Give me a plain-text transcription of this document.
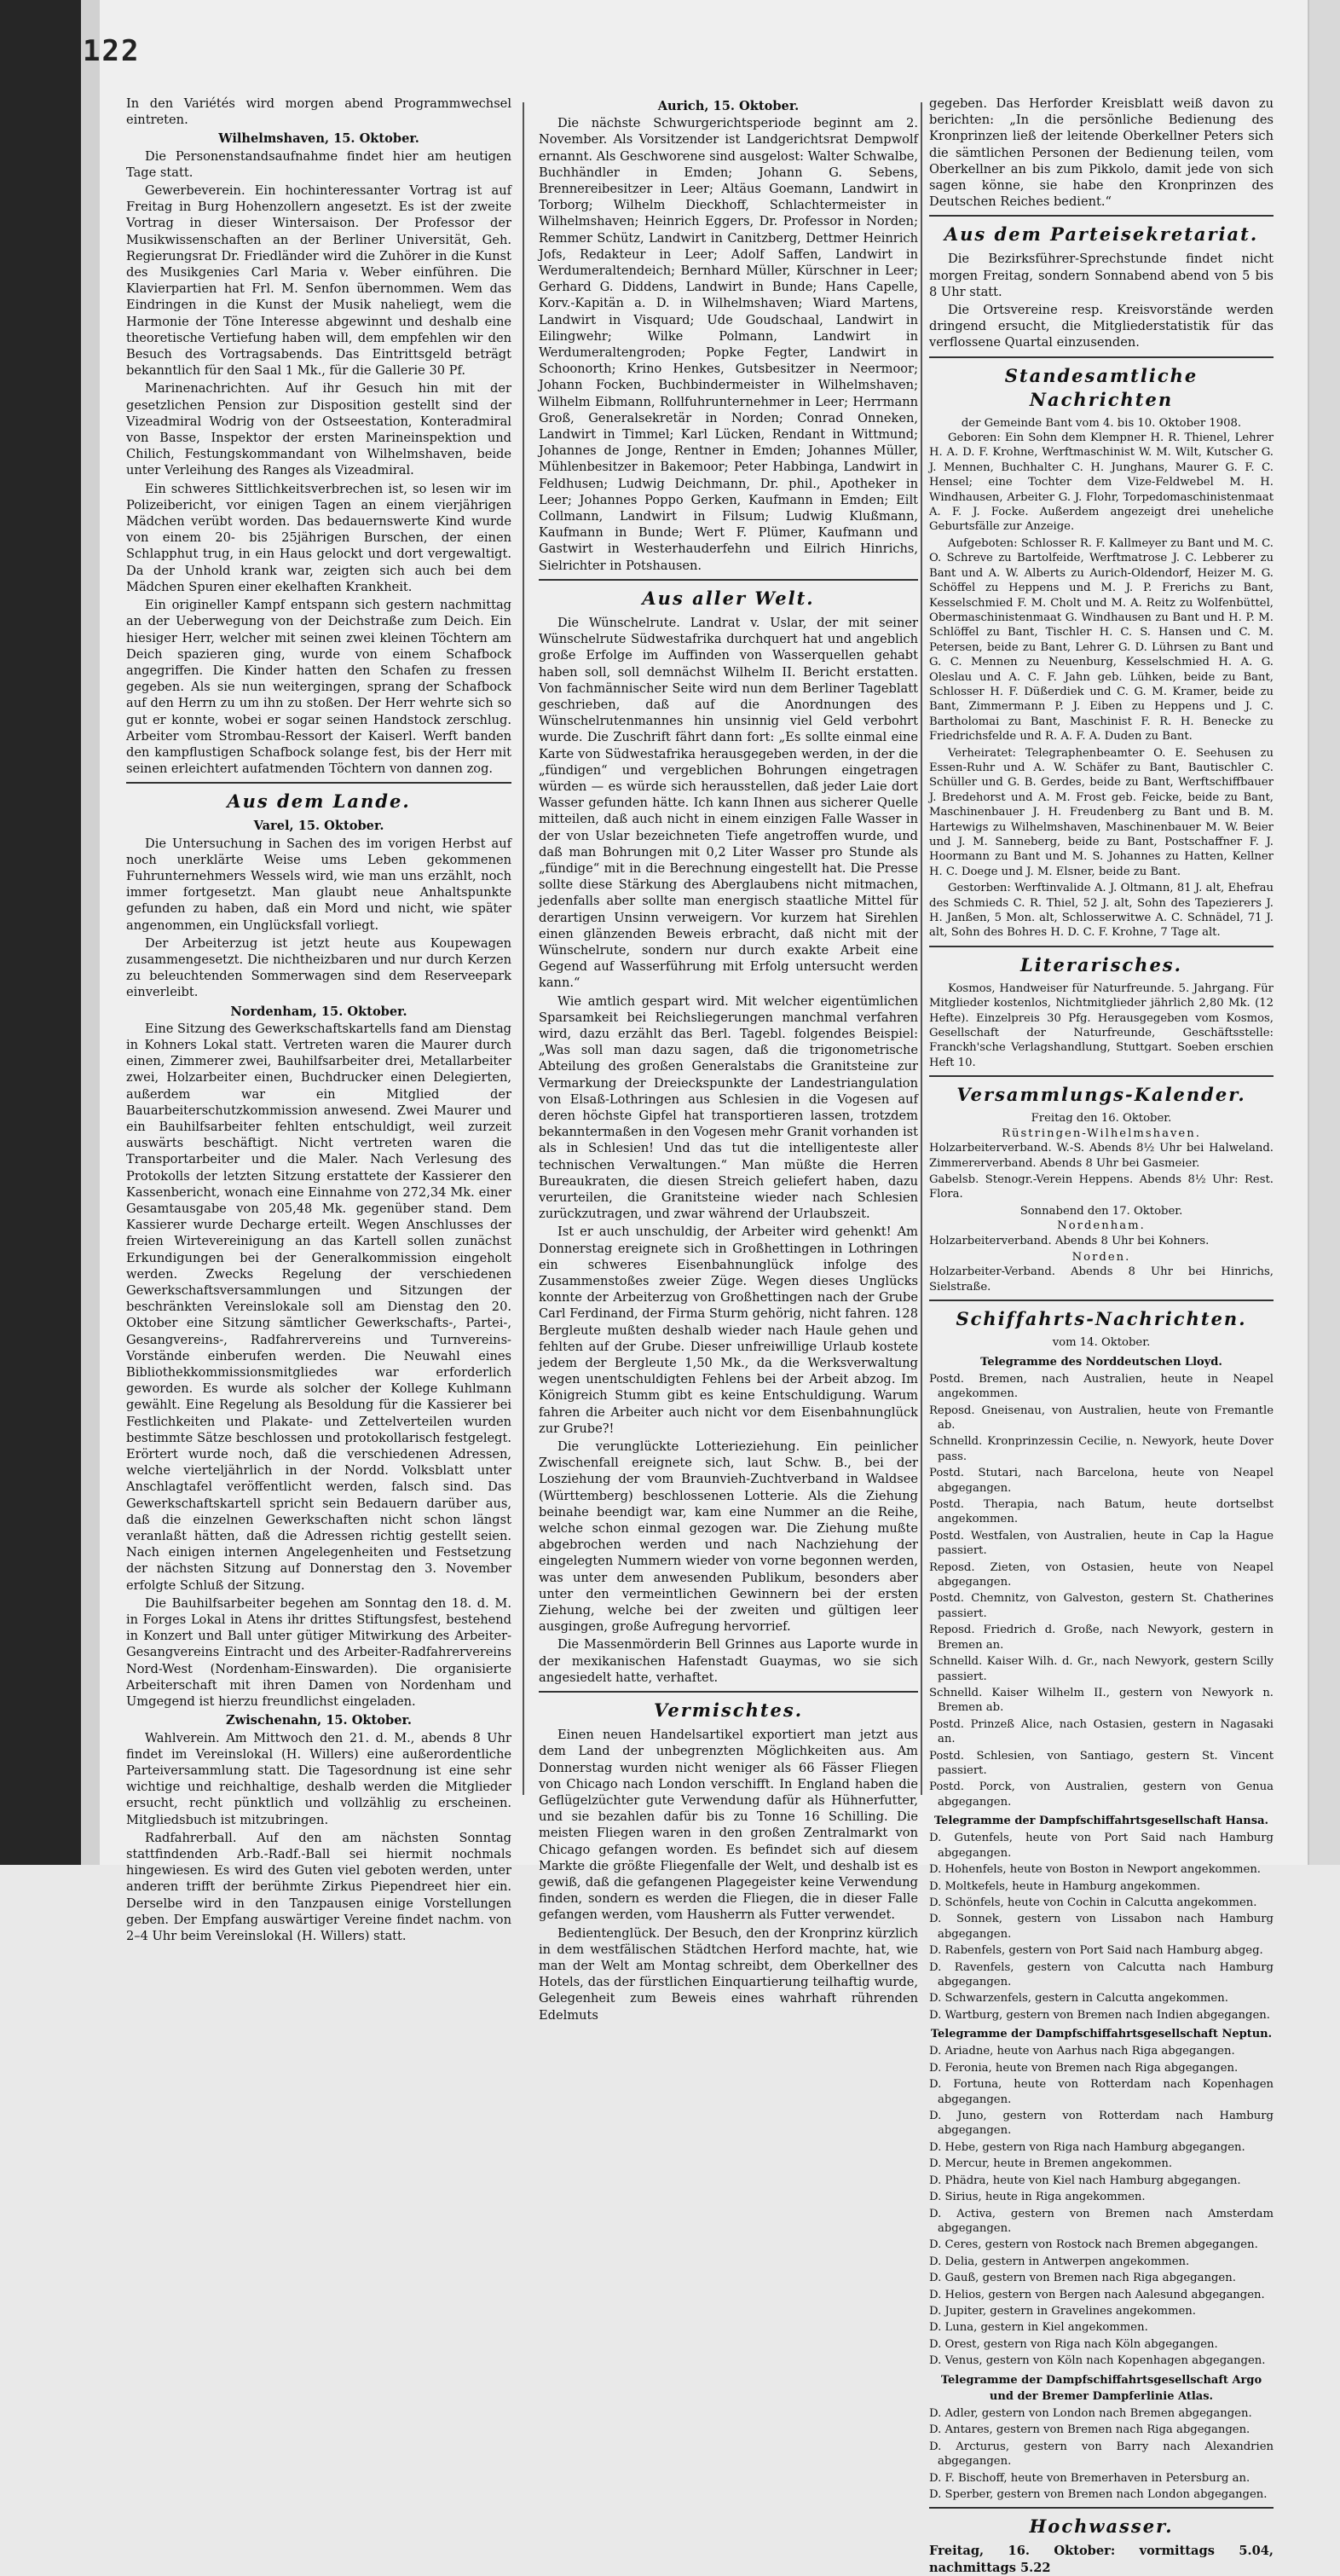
122

In den Variétés wird morgen abend Programmwechsel eintreten.

Wilhelmshaven, 15. Oktober.

Die Personenstandsaufnahme findet hier am heutigen Tage statt.

Gewerbeverein. Ein hochinteressanter Vortrag ist auf Freitag in Burg Hohenzollern angesetzt. Es ist der zweite Vortrag in dieser Wintersaison. Der Professor der Musikwissenschaften an der Berliner Universität, Geh. Regierungsrat Dr. Friedländer wird die Zuhörer in die Kunst des Musikgenies Carl Maria v. Weber einführen. Die Klavierpartien hat Frl. M. Senfon übernommen. Wem das Eindringen in die Kunst der Musik naheliegt, wem die Harmonie der Töne Interesse abgewinnt und deshalb eine theoretische Vertiefung haben will, dem empfehlen wir den Besuch des Vortragsabends. Das Eintrittsgeld beträgt bekanntlich für den Saal 1 Mk., für die Gallerie 30 Pf.

Marinenachrichten. Auf ihr Gesuch hin mit der gesetzlichen Pension zur Disposition gestellt sind der Vizeadmiral Wodrig von der Ostseestation, Konteradmiral von Basse, Inspektor der ersten Marineinspektion und Chilich, Festungskommandant von Wilhelmshaven, beide unter Verleihung des Ranges als Vizeadmiral.

Ein schweres Sittlichkeitsverbrechen ist, so lesen wir im Polizeibericht, vor einigen Tagen an einem vierjährigen Mädchen verübt worden. Das bedauernswerte Kind wurde von einem 20- bis 25jährigen Burschen, der einen Schlapphut trug, in ein Haus gelockt und dort vergewaltigt. Da der Unhold krank war, zeigten sich auch bei dem Mädchen Spuren einer ekelhaften Krankheit.

Ein origineller Kampf entspann sich gestern nachmittag an der Ueberwegung von der Deichstraße zum Deich. Ein hiesiger Herr, welcher mit seinen zwei kleinen Töchtern am Deich spazieren ging, wurde von einem Schafbock angegriffen. Die Kinder hatten den Schafen zu fressen gegeben. Als sie nun weitergingen, sprang der Schafbock auf den Herrn zu um ihn zu stoßen. Der Herr wehrte sich so gut er konnte, wobei er sogar seinen Handstock zerschlug. Arbeiter vom Strombau-Ressort der Kaiserl. Werft banden den kampflustigen Schafbock solange fest, bis der Herr mit seinen erleichtert aufatmenden Töchtern von dannen zog.

Aus dem Lande.
Varel, 15. Oktober.

Die Untersuchung in Sachen des im vorigen Herbst auf noch unerklärte Weise ums Leben gekommenen Fuhrunternehmers Wessels wird, wie man uns erzählt, noch immer fortgesetzt. Man glaubt neue Anhaltspunkte gefunden zu haben, daß ein Mord und nicht, wie später angenommen, ein Unglücksfall vorliegt.

Der Arbeiterzug ist jetzt heute aus Koupewagen zusammengesetzt. Die nichtheizbaren und nur durch Kerzen zu beleuchtenden Sommerwagen sind dem Reserveepark einverleibt.

Nordenham, 15. Oktober.

Eine Sitzung des Gewerkschaftskartells fand am Dienstag in Kohners Lokal statt. Vertreten waren die Maurer durch einen, Zimmerer zwei, Bauhilfsarbeiter drei, Metallarbeiter zwei, Holzarbeiter einen, Buchdrucker einen Delegierten, außerdem war ein Mitglied der Bauarbeiterschutzkommission anwesend. Zwei Maurer und ein Bauhilfsarbeiter fehlten entschuldigt, weil zurzeit auswärts beschäftigt. Nicht vertreten waren die Transportarbeiter und die Maler. Nach Verlesung des Protokolls der letzten Sitzung erstattete der Kassierer den Kassenbericht, wonach eine Einnahme von 272,34 Mk. einer Gesamtausgabe von 205,48 Mk. gegenüber stand. Dem Kassierer wurde Decharge erteilt. Wegen Anschlusses der freien Wirtevereinigung an das Kartell sollen zunächst Erkundigungen bei der Generalkommission eingeholt werden. Zwecks Regelung der verschiedenen Gewerkschaftsversammlungen und Sitzungen der beschränkten Vereinslokale soll am Dienstag den 20. Oktober eine Sitzung sämtlicher Gewerkschafts-, Partei-, Gesangvereins-, Radfahrervereins und Turnvereins-Vorstände einberufen werden. Die Neuwahl eines Bibliothekkommissionsmitgliedes war erforderlich geworden. Es wurde als solcher der Kollege Kuhlmann gewählt. Eine Regelung als Besoldung für die Kassierer bei Festlichkeiten und Plakate- und Zettelverteilen wurden bestimmte Sätze beschlossen und protokollarisch festgelegt. Erörtert wurde noch, daß die verschiedenen Adressen, welche vierteljährlich in der Nordd. Volksblatt unter Anschlagtafel veröffentlicht werden, falsch sind. Das Gewerkschaftskartell spricht sein Bedauern darüber aus, daß die einzelnen Gewerkschaften nicht schon längst veranlaßt hätten, daß die Adressen richtig gestellt seien. Nach einigen internen Angelegenheiten und Festsetzung der nächsten Sitzung auf Donnerstag den 3. November erfolgte Schluß der Sitzung.

Die Bauhilfsarbeiter begehen am Sonntag den 18. d. M. in Forges Lokal in Atens ihr drittes Stiftungsfest, bestehend in Konzert und Ball unter gütiger Mitwirkung des Arbeiter-Gesangvereins Eintracht und des Arbeiter-Radfahrervereins Nord-West (Nordenham-Einswarden). Die organisierte Arbeiterschaft mit ihren Damen von Nordenham und Umgegend ist hierzu freundlichst eingeladen.

Zwischenahn, 15. Oktober.

Wahlverein. Am Mittwoch den 21. d. M., abends 8 Uhr findet im Vereinslokal (H. Willers) eine außerordentliche Parteiversammlung statt. Die Tagesordnung ist eine sehr wichtige und reichhaltige, deshalb werden die Mitglieder ersucht, recht pünktlich und vollzählig zu erscheinen. Mitgliedsbuch ist mitzubringen.

Radfahrerball. Auf den am nächsten Sonntag stattfindenden Arb.-Radf.-Ball sei hiermit nochmals hingewiesen. Es wird des Guten viel geboten werden, unter anderen trifft der berühmte Zirkus Piependreet hier ein. Derselbe wird in den Tanzpausen einige Vorstellungen geben. Der Empfang auswärtiger Vereine findet nachm. von 2–4 Uhr beim Vereinslokal (H. Willers) statt.

Aurich, 15. Oktober.

Die nächste Schwurgerichtsperiode beginnt am 2. November. Als Vorsitzender ist Landgerichtsrat Dempwolf ernannt. Als Geschworene sind ausgelost: Walter Schwalbe, Buchhändler in Emden; Johann G. Sebens, Brennereibesitzer in Leer; Altäus Goemann, Landwirt in Torborg; Wilhelm Dieckhoff, Schlachtermeister in Wilhelmshaven; Heinrich Eggers, Dr. Professor in Norden; Remmer Schütz, Landwirt in Canitzberg, Dettmer Heinrich Jofs, Redakteur in Leer; Adolf Saffen, Landwirt in Werdumeraltendeich; Bernhard Müller, Kürschner in Leer; Gerhard G. Diddens, Landwirt in Bunde; Hans Capelle, Korv.-Kapitän a. D. in Wilhelmshaven; Wiard Martens, Landwirt in Visquard; Ude Goudschaal, Landwirt in Eilingwehr; Wilke Polmann, Landwirt in Werdumeraltengroden; Popke Fegter, Landwirt in Schoonorth; Krino Henkes, Gutsbesitzer in Neermoor; Johann Focken, Buchbindermeister in Wilhelmshaven; Wilhelm Eibmann, Rollfuhrunternehmer in Leer; Herrmann Groß, Generalsekretär in Norden; Conrad Onneken, Landwirt in Timmel; Karl Lücken, Rendant in Wittmund; Johannes de Jonge, Rentner in Emden; Johannes Müller, Mühlenbesitzer in Bakemoor; Peter Habbinga, Landwirt in Feldhusen; Ludwig Deichmann, Dr. phil., Apotheker in Leer; Johannes Poppo Gerken, Kaufmann in Emden; Eilt Collmann, Landwirt in Filsum; Ludwig Klußmann, Kaufmann in Bunde; Wert F. Plümer, Kaufmann und Gastwirt in Westerhauderfehn und Eilrich Hinrichs, Sielrichter in Potshausen.

Aus aller Welt.

Die Wünschelrute. Landrat v. Uslar, der mit seiner Wünschelrute Südwestafrika durchquert hat und angeblich große Erfolge im Auffinden von Wasserquellen gehabt haben soll, soll demnächst Wilhelm II. Bericht erstatten. Von fachmännischer Seite wird nun dem Berliner Tageblatt geschrieben, daß auf die Anordnungen des Wünschelrutenmannes hin unsinnig viel Geld verbohrt wurde. Die Zuschrift fährt dann fort: „Es sollte einmal eine Karte von Südwestafrika herausgegeben werden, in der die „fündigen“ und vergeblichen Bohrungen eingetragen würden — es würde sich herausstellen, daß jeder Laie dort Wasser gefunden hätte. Ich kann Ihnen aus sicherer Quelle mitteilen, daß auch nicht in einem einzigen Falle Wasser in der von Uslar bezeichneten Tiefe angetroffen wurde, und daß man Bohrungen mit 0,2 Liter Wasser pro Stunde als „fündige“ mit in die Berechnung eingestellt hat. Die Presse sollte diese Stärkung des Aberglaubens nicht mitmachen, jedenfalls aber sollte man energisch staatliche Mittel für derartigen Unsinn verweigern. Vor kurzem hat Sirehlen einen glänzenden Beweis erbracht, daß nicht mit der Wünschelrute, sondern nur durch exakte Arbeit eine Gegend auf Wasserführung mit Erfolg untersucht werden kann.“

Wie amtlich gespart wird. Mit welcher eigentümlichen Sparsamkeit bei Reichsliegerungen manchmal verfahren wird, dazu erzählt das Berl. Tagebl. folgendes Beispiel: „Was soll man dazu sagen, daß die trigonometrische Abteilung des großen Generalstabs die Granitsteine zur Vermarkung der Dreieckspunkte der Landestriangulation von Elsaß-Lothringen aus Schlesien in die Vogesen auf deren höchste Gipfel hat transportieren lassen, trotzdem bekanntermaßen in den Vogesen mehr Granit vorhanden ist als in Schlesien! Und das tut die intelligenteste aller technischen Verwaltungen.“ Man müßte die Herren Bureaukraten, die diesen Streich geliefert haben, dazu verurteilen, die Granitsteine wieder nach Schlesien zurückzutragen, und zwar während der Urlaubszeit.

Ist er auch unschuldig, der Arbeiter wird gehenkt! Am Donnerstag ereignete sich in Großhettingen in Lothringen ein schweres Eisenbahnunglück infolge des Zusammenstoßes zweier Züge. Wegen dieses Unglücks konnte der Arbeiterzug von Großhettingen nach der Grube Carl Ferdinand, der Firma Sturm gehörig, nicht fahren. 128 Bergleute mußten deshalb wieder nach Haule gehen und fehlten auf der Grube. Dieser unfreiwillige Urlaub kostete jedem der Bergleute 1,50 Mk., da die Werksverwaltung wegen unentschuldigten Fehlens bei der Arbeit abzog. Im Königreich Stumm gibt es keine Entschuldigung. Warum fahren die Arbeiter auch nicht vor dem Eisenbahnunglück zur Grube?!

Die verunglückte Lotterieziehung. Ein peinlicher Zwischenfall ereignete sich, laut Schw. B., bei der Losziehung der vom Braunvieh-Zuchtverband in Waldsee (Württemberg) beschlossenen Lotterie. Als die Ziehung beinahe beendigt war, kam eine Nummer an die Reihe, welche schon einmal gezogen war. Die Ziehung mußte abgebrochen werden und nach Nachziehung der eingelegten Nummern wieder von vorne begonnen werden, was unter dem anwesenden Publikum, besonders aber unter den vermeintlichen Gewinnern bei der ersten Ziehung, welche bei der zweiten und gültigen leer ausgingen, große Aufregung hervorrief.

Die Massenmörderin Bell Grinnes aus Laporte wurde in der mexikanischen Hafenstadt Guaymas, wo sie sich angesiedelt hatte, verhaftet.

Vermischtes.

Einen neuen Handelsartikel exportiert man jetzt aus dem Land der unbegrenzten Möglichkeiten aus. Am Donnerstag wurden nicht weniger als 66 Fässer Fliegen von Chicago nach London verschifft. In England haben die Geflügelzüchter gute Verwendung dafür als Hühnerfutter, und sie bezahlen dafür bis zu Tonne 16 Schilling. Die meisten Fliegen waren in den großen Zentralmarkt von Chicago gefangen worden. Es befindet sich auf diesem Markte die größte Fliegenfalle der Welt, und deshalb ist es gewiß, daß die gefangenen Plagegeister keine Verwendung finden, sondern es werden die Fliegen, die in dieser Falle gefangen werden, vom Hausherrn als Futter verwendet.

Bedientenglück. Der Besuch, den der Kronprinz kürzlich in dem westfälischen Städtchen Herford machte, hat, wie man der Welt am Montag schreibt, dem Oberkellner des Hotels, das der fürstlichen Einquartierung teilhaftig wurde, Gelegenheit zum Beweis eines wahrhaft rührenden Edelmuts

gegeben. Das Herforder Kreisblatt weiß davon zu berichten: „In die persönliche Bedienung des Kronprinzen ließ der leitende Oberkellner Peters sich die sämtlichen Personen der Bedienung teilen, vom Oberkellner an bis zum Pikkolo, damit jede von sich sagen könne, sie habe den Kronprinzen des Deutschen Reiches bedient.“

Aus dem Parteisekretariat.

Die Bezirksführer-Sprechstunde findet nicht morgen Freitag, sondern Sonnabend abend von 5 bis 8 Uhr statt.

Die Ortsvereine resp. Kreisvorstände werden dringend ersucht, die Mitgliederstatistik für das verflossene Quartal einzusenden.

Standesamtliche Nachrichten
der Gemeinde Bant vom 4. bis 10. Oktober 1908.

Geboren: Ein Sohn dem Klempner H. R. Thienel, Lehrer H. A. D. F. Krohne, Werftmaschinist W. M. Wilt, Kutscher G. J. Mennen, Buchhalter C. H. Junghans, Maurer G. F. C. Hensel; eine Tochter dem Vize-Feldwebel M. H. Windhausen, Arbeiter G. J. Flohr, Torpedomaschinistenmaat A. F. J. Focke. Außerdem angezeigt drei uneheliche Geburtsfälle zur Anzeige.

Aufgeboten: Schlosser R. F. Kallmeyer zu Bant und M. C. O. Schreve zu Bartolfeide, Werftmatrose J. C. Lebberer zu Bant und A. W. Alberts zu Aurich-Oldendorf, Heizer M. G. Schöffel zu Heppens und M. J. P. Frerichs zu Bant, Kesselschmied F. M. Cholt und M. A. Reitz zu Wolfenbüttel, Obermaschinistenmaat G. Windhausen zu Bant und H. P. M. Schlöffel zu Bant, Tischler H. C. S. Hansen und C. M. Petersen, beide zu Bant, Lehrer G. D. Lührsen zu Bant und G. C. Mennen zu Neuenburg, Kesselschmied H. A. G. Oleslau und A. C. F. Jahn geb. Lühken, beide zu Bant, Schlosser H. F. Düßerdiek und C. G. M. Kramer, beide zu Bant, Zimmermann P. J. Eiben zu Heppens und J. C. Bartholomai zu Bant, Maschinist F. R. H. Benecke zu Friedrichsfelde und R. A. F. A. Duden zu Bant.

Verheiratet: Telegraphenbeamter O. E. Seehusen zu Essen-Ruhr und A. W. Schäfer zu Bant, Bautischler C. Schüller und G. B. Gerdes, beide zu Bant, Werftschiffbauer J. Bredehorst und A. M. Frost geb. Feicke, beide zu Bant, Maschinenbauer J. H. Freudenberg zu Bant und B. M. Hartewigs zu Wilhelmshaven, Maschinenbauer M. W. Beier und J. M. Sanneberg, beide zu Bant, Postschaffner F. J. Hoormann zu Bant und M. S. Johannes zu Hatten, Kellner H. C. Doege und J. M. Elsner, beide zu Bant.

Gestorben: Werftinvalide A. J. Oltmann, 81 J. alt, Ehefrau des Schmieds C. R. Thiel, 52 J. alt, Sohn des Tapezierers J. H. Janßen, 5 Mon. alt, Schlosserwitwe A. C. Schnädel, 71 J. alt, Sohn des Bohres H. D. C. F. Krohne, 7 Tage alt.

Literarisches.

Kosmos, Handweiser für Naturfreunde. 5. Jahrgang. Für Mitglieder kostenlos, Nichtmitglieder jährlich 2,80 Mk. (12 Hefte). Einzelpreis 30 Pfg. Herausgegeben vom Kosmos, Gesellschaft der Naturfreunde, Geschäftsstelle: Franckh'sche Verlagshandlung, Stuttgart. Soeben erschien Heft 10.

Versammlungs-Kalender.
Freitag den 16. Oktober.
Rüstringen-Wilhelmshaven.

Holzarbeiterverband. W.-S. Abends 8½ Uhr bei Halweland. Zimmererverband. Abends 8 Uhr bei Gasmeier.

Gabelsb. Stenogr.-Verein Heppens. Abends 8½ Uhr: Rest. Flora.

Sonnabend den 17. Oktober.
Nordenham.

Holzarbeiterverband. Abends 8 Uhr bei Kohners.

Norden.

Holzarbeiter-Verband. Abends 8 Uhr bei Hinrichs, Sielstraße.

Schiffahrts-Nachrichten.
vom 14. Oktober.
Telegramme des Norddeutschen Lloyd.

Postd. Bremen, nach Australien, heute in Neapel angekommen.

Reposd. Gneisenau, von Australien, heute von Fremantle ab.

Schnelld. Kronprinzessin Cecilie, n. Newyork, heute Dover pass.

Postd. Stutari, nach Barcelona, heute von Neapel abgegangen.

Postd. Therapia, nach Batum, heute dortselbst angekommen.

Postd. Westfalen, von Australien, heute in Cap la Hague passiert.

Reposd. Zieten, von Ostasien, heute von Neapel abgegangen.

Postd. Chemnitz, von Galveston, gestern St. Chatherines passiert.

Reposd. Friedrich d. Große, nach Newyork, gestern in Bremen an.

Schnelld. Kaiser Wilh. d. Gr., nach Newyork, gestern Scilly passiert.

Schnelld. Kaiser Wilhelm II., gestern von Newyork n. Bremen ab.

Postd. Prinzeß Alice, nach Ostasien, gestern in Nagasaki an.

Postd. Schlesien, von Santiago, gestern St. Vincent passiert.

Postd. Porck, von Australien, gestern von Genua abgegangen.

Telegramme der Dampfschiffahrtsgesellschaft Hansa.

D. Gutenfels, heute von Port Said nach Hamburg abgegangen.

D. Hohenfels, heute von Boston in Newport angekommen.

D. Moltkefels, heute in Hamburg angekommen.

D. Schönfels, heute von Cochin in Calcutta angekommen.

D. Sonnek, gestern von Lissabon nach Hamburg abgegangen.

D. Rabenfels, gestern von Port Said nach Hamburg abgeg.

D. Ravenfels, gestern von Calcutta nach Hamburg abgegangen.

D. Schwarzenfels, gestern in Calcutta angekommen.

D. Wartburg, gestern von Bremen nach Indien abgegangen.

Telegramme der Dampfschiffahrtsgesellschaft Neptun.

D. Ariadne, heute von Aarhus nach Riga abgegangen.

D. Feronia, heute von Bremen nach Riga abgegangen.

D. Fortuna, heute von Rotterdam nach Kopenhagen abgegangen.

D. Juno, gestern von Rotterdam nach Hamburg abgegangen.

D. Hebe, gestern von Riga nach Hamburg abgegangen.

D. Mercur, heute in Bremen angekommen.

D. Phädra, heute von Kiel nach Hamburg abgegangen.

D. Sirius, heute in Riga angekommen.

D. Activa, gestern von Bremen nach Amsterdam abgegangen.

D. Ceres, gestern von Rostock nach Bremen abgegangen.

D. Delia, gestern in Antwerpen angekommen.

D. Gauß, gestern von Bremen nach Riga abgegangen.

D. Helios, gestern von Bergen nach Aalesund abgegangen.

D. Jupiter, gestern in Gravelines angekommen.

D. Luna, gestern in Kiel angekommen.

D. Orest, gestern von Riga nach Köln abgegangen.

D. Venus, gestern von Köln nach Kopenhagen abgegangen.

Telegramme der Dampfschiffahrtsgesellschaft Argo und der Bremer Dampferlinie Atlas.

D. Adler, gestern von London nach Bremen abgegangen.

D. Antares, gestern von Bremen nach Riga abgegangen.

D. Arcturus, gestern von Barry nach Alexandrien abgegangen.

D. F. Bischoff, heute von Bremerhaven in Petersburg an.

D. Sperber, gestern von Bremen nach London abgegangen.

Hochwasser.

Freitag, 16. Oktober: vormittags 5.04, nachmittags 5.22
